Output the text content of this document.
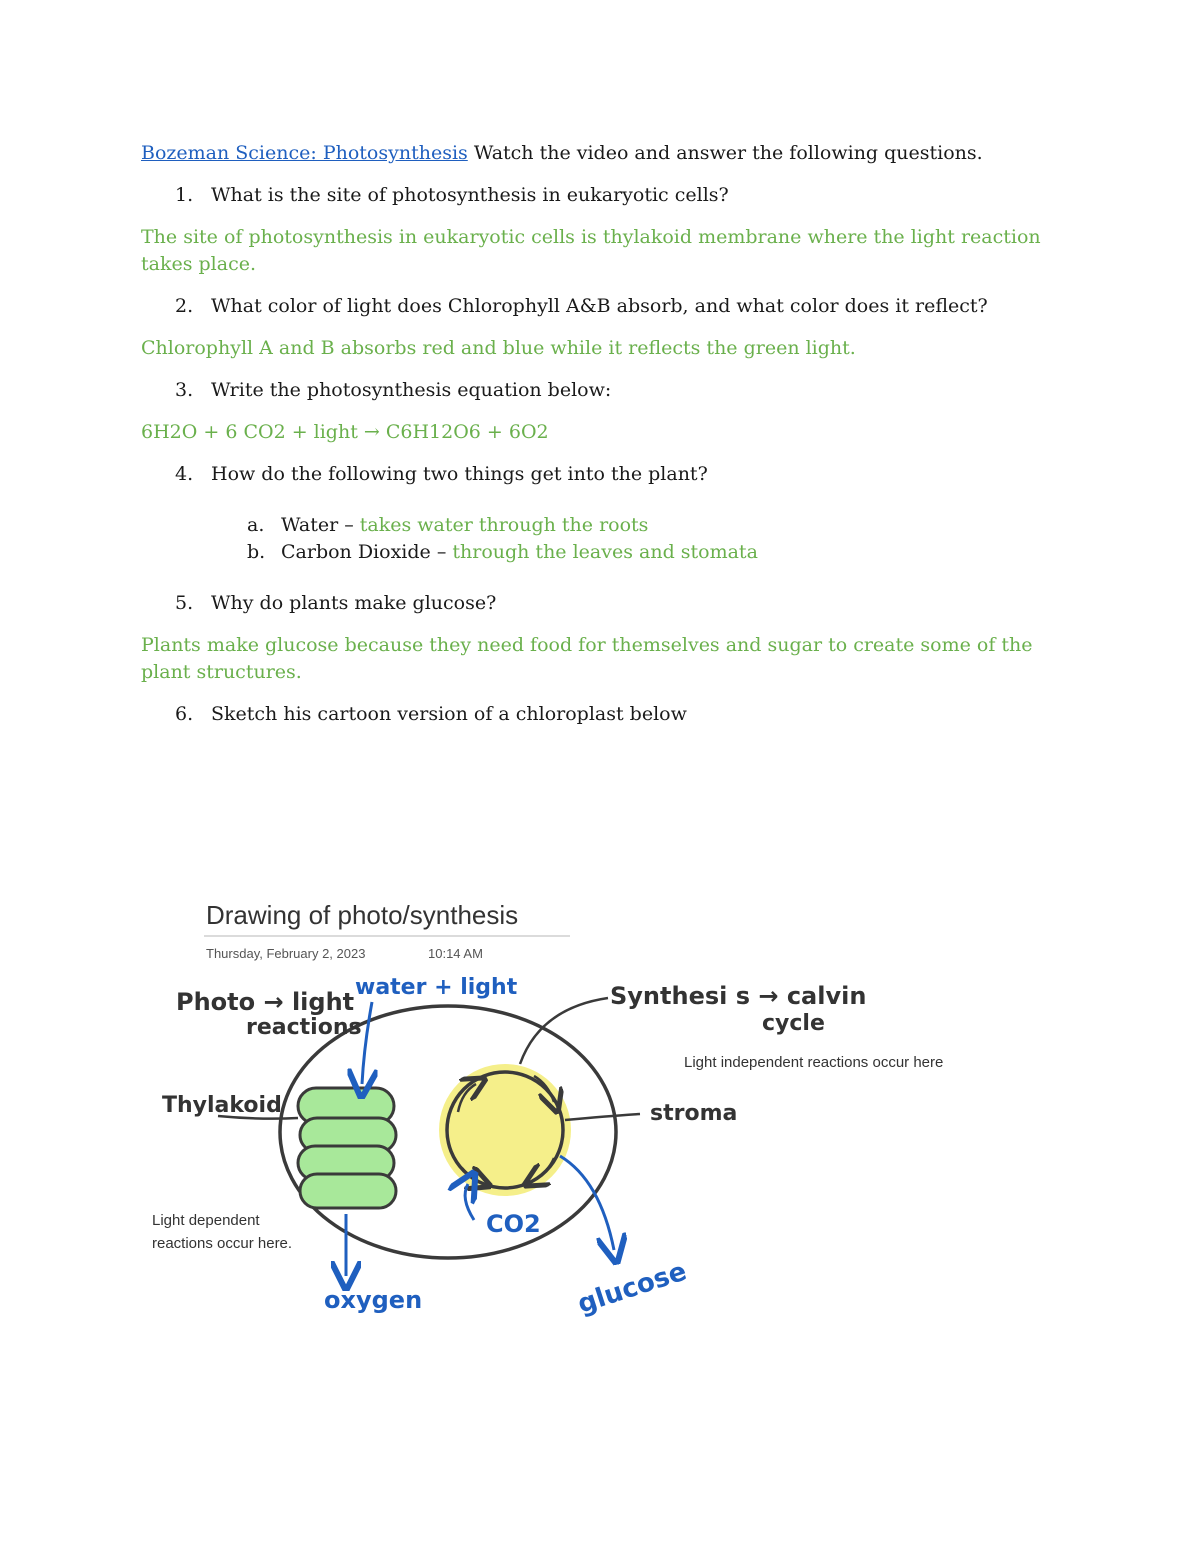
Bozeman Science: Photosynthesis Watch the video and answer the following questions.

1. What is the site of photosynthesis in eukaryotic cells?

The site of photosynthesis in eukaryotic cells is thylakoid membrane where the light reaction takes place.

2. What color of light does Chlorophyll A&B absorb, and what color does it reflect?

Chlorophyll A and B absorbs red and blue while it reflects the green light.

3. Write the photosynthesis equation below:

6H2O + 6 CO2 + light → C6H12O6 + 6O2

4. How do the following two things get into the plant?
a. Water – takes water through the roots
b. Carbon Dioxide – through the leaves and stomata
5. Why do plants make glucose?

Plants make glucose because they need food for themselves and sugar to create some of the plant structures.

6. Sketch his cartoon version of a chloroplast below
Drawing of photo/synthesis
Thursday, February 2, 2023	10:14 AM
Photo → light
reactions
water + light	Synthesi s → calvin
cycle
Light independent reactions occur here
Thylakoid	stroma
Light dependent
reactions occur here.
CO2
oxygen	glucose
